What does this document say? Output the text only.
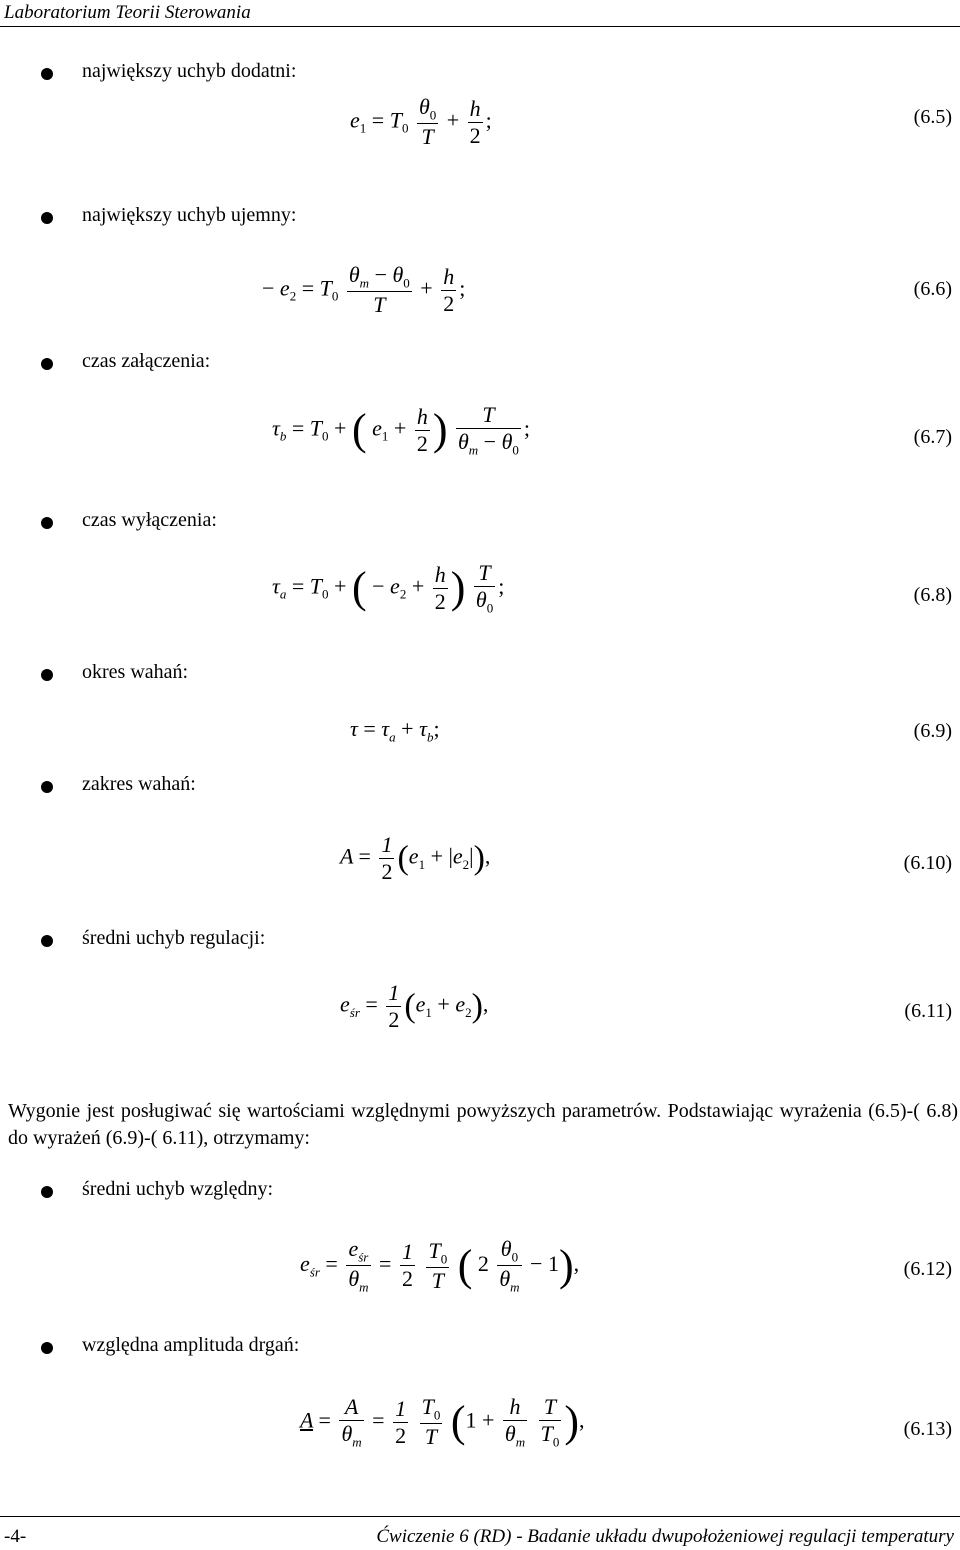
Laboratorium Teorii Sterowania
największy uchyb dodatni:
$e_1 = T_0 \frac{\theta_0}{T} + \frac{h}{2}$ ;	(6.5)
największy uchyb ujemny:
− $e_2 = T_0 \frac{\theta_m - \theta_0}{T} + \frac{h}{2}$ ;	(6.6)
czas załączenia:
$\tau_b = T_0$ + ( $e_1 + \frac{h}{2}$ ) $\frac{T}{\theta_m - \theta_0}$ ;	(6.7)
czas wyłączenia:
$\tau_a = T_0$ + ( − $e_2 + \frac{h}{2}$ ) $\frac{T}{\theta_0}$ ;	(6.8)
okres wahań:
$\tau = \tau_a + \tau_b$;	(6.9)
zakres wahań:
$A = \frac{1}{2} (e_1 + |e_2|)$,	(6.10)
średni uchyb regulacji:
$e_{śr} = \frac{1}{2} (e_1 + e_2)$,	(6.11)
Wygonie jest posługiwać się wartościami względnymi powyższych parametrów. Podstawiając wyrażenia (6.5)-( 6.8) do wyrażeń (6.9)-( 6.11), otrzymamy:
średni uchyb względny:
$e_{śr} = \frac{e_{śr}}{\theta_m} = \frac{1}{2}$
$\frac{T_0}{T}$ ( $2 \frac{\theta_0}{\theta_m} - 1$),	(6.12)
względna amplituda drgań:
$A = \frac{A}{\theta_m} = \frac{1}{2}$
$\frac{T_0}{T} (1 + \frac{h}{\theta_m}$
$\frac{T}{T_0}$ ),	(6.13)
-4-	Ćwiczenie 6 (RD) - Badanie układu dwupołożeniowej regulacji temperatury
